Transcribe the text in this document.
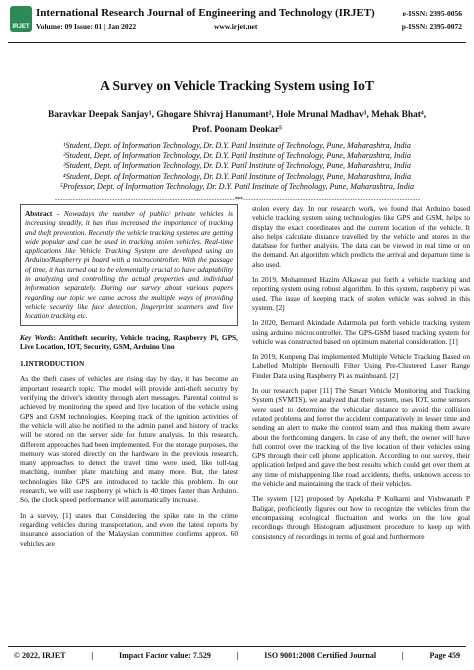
IRJET
International Research Journal of Engineering and Technology (IRJET)
Volume: 09 Issue: 01 | Jan 2022	www.irjet.net
e-ISSN: 2395-0056
p-ISSN: 2395-0072
A Survey on Vehicle Tracking System using IoT
Baravkar Deepak Sanjay¹, Ghogare Shivraj Hanumant², Hole Mrunal Madhav³, Mehak Bhat⁴,
Prof. Poonam Deokar⁵
¹Student, Dept. of Information Technology, Dr. D.Y. Patil Institute of Technology, Pune, Maharashtra, India
²Student, Dept. of Information Technology, Dr. D.Y. Patil Institute of Technology, Pune, Maharashtra, India
³Student, Dept. of Information Technology, Dr. D.Y. Patil Institute of Technology, Pune, Maharashtra, India
⁴Student, Dept. of Information Technology, Dr. D.Y. Patil Institute of Technology, Pune, Maharashtra, India
⁵Professor, Dept. of Information Technology, Dr. D.Y. Patil Institute of Technology, Pune, Maharashtra, India
---------------------------------------------------------------------***--------------------------------------------------------------------
Abstract - Nowadays the number of public/ private vehicles is increasing steadily, it has thus increased the importance of tracking and theft prevention. Recently the vehicle tracking systems are getting wide popular and can be used in tracking stolen vehicles. Real-time applications like Vehicle Tracking System are developed using an Arduino/Raspberry pi board with a microcontroller. With the passage of time, it has turned out to be elementally crucial to have adaptability in analyzing and controlling the actual properties and individual information separately. During our survey about various papers regarding our topic we came across the multiple ways of providing vehicle security like face detection, fingerprint scanners and live location tracking etc.
Key Words: Antitheft security, Vehicle tracing, Raspberry Pi, GPS, Live Location, IOT, Security, GSM, Arduino Uno
1.INTRODUCTION

As the theft cases of vehicles are rising day by day, it has become an important research topic. The model will provide anti-theft security by verifying the driver's identity through alert messages. Parental control is achieved by monitoring the speed and live location of the vehicle using GPS and GSM technologies. Keeping track of the ignition activities of the vehicle will also be notified to the admin panel and history of tracks will be stored on the server side for future analysis. In this research, different approaches had been implemented. For the storage purposes, the memory was stored directly on the hardware in the previous research, many approaches to detect the travel time were used, like toll-tag matching, number plate matching and many more. But, the latest technologies like GPS are introduced to tackle this problem. In our research, we will use raspberry pi which is 40 times faster than Arduino. So, the clock speed performance will automatically increase.

In a survey, [1] states that Considering the spike rate in the crime regarding vehicles during transportation, and even the latest reports by insurance association of the Malaysian committee confirms approx. 60 vehicles are

stolen every day. In our research work, we found that Arduino based vehicle tracking system using technologies like GPS and GSM, helps to display the exact coordinates and the current location of the vehicle. It also helps calculate distance travelled by the vehicle and stores in the database for further analysis. The data can be viewed in real time or on the demand. An algorithm which predicts the arrival and departure time is also used.

In 2019, Mohammed Hazim Alkawaz put forth a vehicle tracking and reporting system using robust algorithm. In this system, raspberry pi was used. The issue of keeping track of stolen vehicle was solved in this system. [2]

In 2020, Bernard Akindade Adarmola put forth vehicle tracking system using arduino microcontroller. The GPS-GSM based tracking system for vehicle was constructed based on optimum material consideration. [1]

In 2019, Kunpeng Dai implemented Multiple Vehicle Tracking Based on Labelled Multiple Bernoulli Filter Using Pre-Clustered Laser Range Finder Data using Raspberry Pi as mainboard. [2]

In our research paper [11] The Smart Vehicle Monitoring and Tracking System (SVMTS), we analyzed that their system, uses IOT, some sensors were used to determine the vehicular distance to avoid the collision related problems and ferret the accident comparatively in lesser time and sending an alert to make the control team and thus making them aware about the forthcoming dangers. In case of any theft, the owner will have full control over the tracking of the live location of their vehicles using GPS through their cell phone application. According to our survey, their application helped and gave the best results which could get over them at any time of mishappening like road accidents, thefts, unknown access to the vehicle and maintaining the track of their vehicles.

The system [12] proposed by Apeksha P Kulkarni and Vishwanath P Baligar, proficiently figures out how to recognize the vehicles from the encompassing ecological fluctuation and works on the low goal recordings through Histogram adjustment procedure to keep up with consistency of recordings in terms of goal and furthermore

© 2022, IRJET	|	Impact Factor value: 7.529	|	ISO 9001:2008 Certified Journal	|	Page 459
